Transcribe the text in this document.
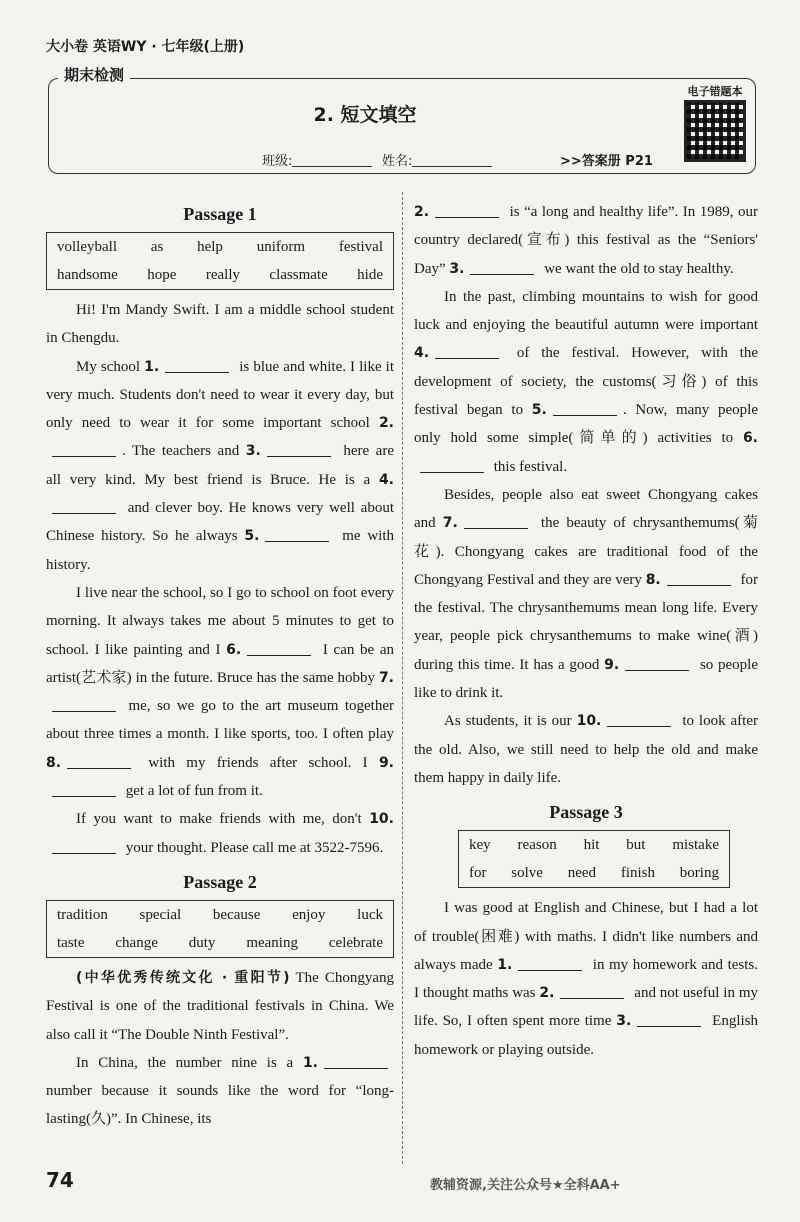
大小卷 英语WY · 七年级(上册)
期末检测
2. 短文填空
班级:	姓名:	>>答案册 P21
电子错题本
Passage 1
volleyball as help uniform festival
handsome hope really classmate hide

Hi! I'm Mandy Swift. I am a middle school student in Chengdu.

My school 1.	is blue and white. I like it very much. Students don't need to wear it every day, but only need to wear it for some important school 2.. The teachers and 3.	here are all very kind. My best friend is Bruce. He is a 4. and clever boy. He knows very well about Chinese history. So he always 5.	me with history.

I live near the school, so I go to school on foot every morning. It always takes me about 5 minutes to get to school. I like painting and I 6.	I can be an artist(艺术家) in the future. Bruce has the same hobby 7. me, so we go to the art museum together about three times a month. I like sports, too. I often play 8.	with my friends after school. I 9. get a lot of fun from it.

If you want to make friends with me, don't 10. your thought. Please call me at 3522-7596.

Passage 2
tradition special because enjoy luck
taste change duty meaning celebrate

(中华优秀传统文化 · 重阳节) The Chongyang Festival is one of the traditional festivals in China. We also call it “The Double Ninth Festival”.

In China, the number nine is a 1. number because it sounds like the word for “long-lasting(久)”. In Chinese, its

2.	is “a long and healthy life”. In 1989, our country declared(宣布) this festival as the “Seniors' Day” 3.	we want the old to stay healthy.

In the past, climbing mountains to wish for good luck and enjoying the beautiful autumn were important 4.	of the festival. However, with the development of society, the customs(习俗) of this festival began to 5.	. Now, many people only hold some simple(简单的) activities to 6. this festival.

Besides, people also eat sweet Chongyang cakes and 7.	the beauty of chrysanthemums(菊花). Chongyang cakes are traditional food of the Chongyang Festival and they are very 8.	for the festival. The chrysanthemums mean long life. Every year, people pick chrysanthemums to make wine(酒) during this time. It has a good 9.	so people like to drink it.

As students, it is our 10.	to look after the old. Also, we still need to help the old and make them happy in daily life.

Passage 3
key reason hit but mistake
for solve need finish boring

I was good at English and Chinese, but I had a lot of trouble(困难) with maths. I didn't like numbers and always made 1.	in my homework and tests. I thought maths was 2.	and not useful in my life. So, I often spent more time 3.	English homework or playing outside.

74	教辅资源,关注公众号★全科AA+
